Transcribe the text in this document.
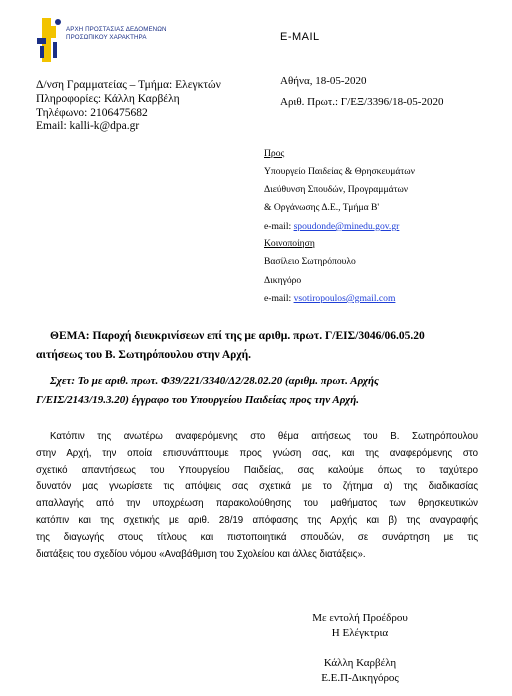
ΑΡΧΗ ΠΡΟΣΤΑΣΙΑΣ ΔΕΔΟΜΕΝΩΝ
ΠΡΟΣΩΠΙΚΟΥ ΧΑΡΑΚΤΗΡΑ	E-MAIL
Δ/νση Γραμματείας – Τμήμα: Ελεγκτών
Πληροφορίες: Κάλλη Καρβέλη
Τηλέφωνο: 2106475682
Email: kalli-k@dpa.gr
Αθήνα, 18-05-2020
Αριθ. Πρωτ.: Γ/ΕΞ/3396/18-05-2020
Προς
Υπουργείο Παιδείας & Θρησκευμάτων
Διεύθυνση Σπουδών, Προγραμμάτων
& Οργάνωσης Δ.Ε., Τμήμα Β'
e-mail: spoudonde@minedu.gov.gr
Κοινοποίηση
Βασίλειο Σωτηρόπουλο
Δικηγόρο
e-mail: vsotiropoulos@gmail.com
ΘΕΜΑ: Παροχή διευκρινίσεων επί της με αριθμ. πρωτ. Γ/ΕΙΣ/3046/06.05.20
αιτήσεως του Β. Σωτηρόπουλου στην Αρχή.
Σχετ: Το με αριθ. πρωτ. Φ39/221/3340/Δ2/28.02.20 (αριθμ. πρωτ. Αρχής
Γ/ΕΙΣ/2143/19.3.20) έγγραφο του Υπουργείου Παιδείας προς την Αρχή.
Κατόπιν της ανωτέρω αναφερόμενης στο θέμα αιτήσεως του Β. Σωτηρόπουλου
στην Αρχή, την οποία επισυνάπτουμε προς γνώση σας, και της αναφερόμενης στο
σχετικό απαντήσεως του Υπουργείου Παιδείας, σας καλούμε όπως το ταχύτερο
δυνατόν μας γνωρίσετε τις απόψεις σας σχετικά με το ζήτημα α) της διαδικασίας
απαλλαγής από την υποχρέωση παρακολούθησης του μαθήματος των θρησκευτικών
κατόπιν και της σχετικής με αριθ. 28/19 απόφασης της Αρχής και β) της αναγραφής
της διαγωγής στους τίτλους και πιστοποιητικά σπουδών, σε συνάρτηση με τις
διατάξεις του σχεδίου νόμου «Αναβάθμιση του Σχολείου και άλλες διατάξεις».
Με εντολή Προέδρου
Η Ελέγκτρια
Κάλλη Καρβέλη
Ε.Ε.Π-Δικηγόρος
